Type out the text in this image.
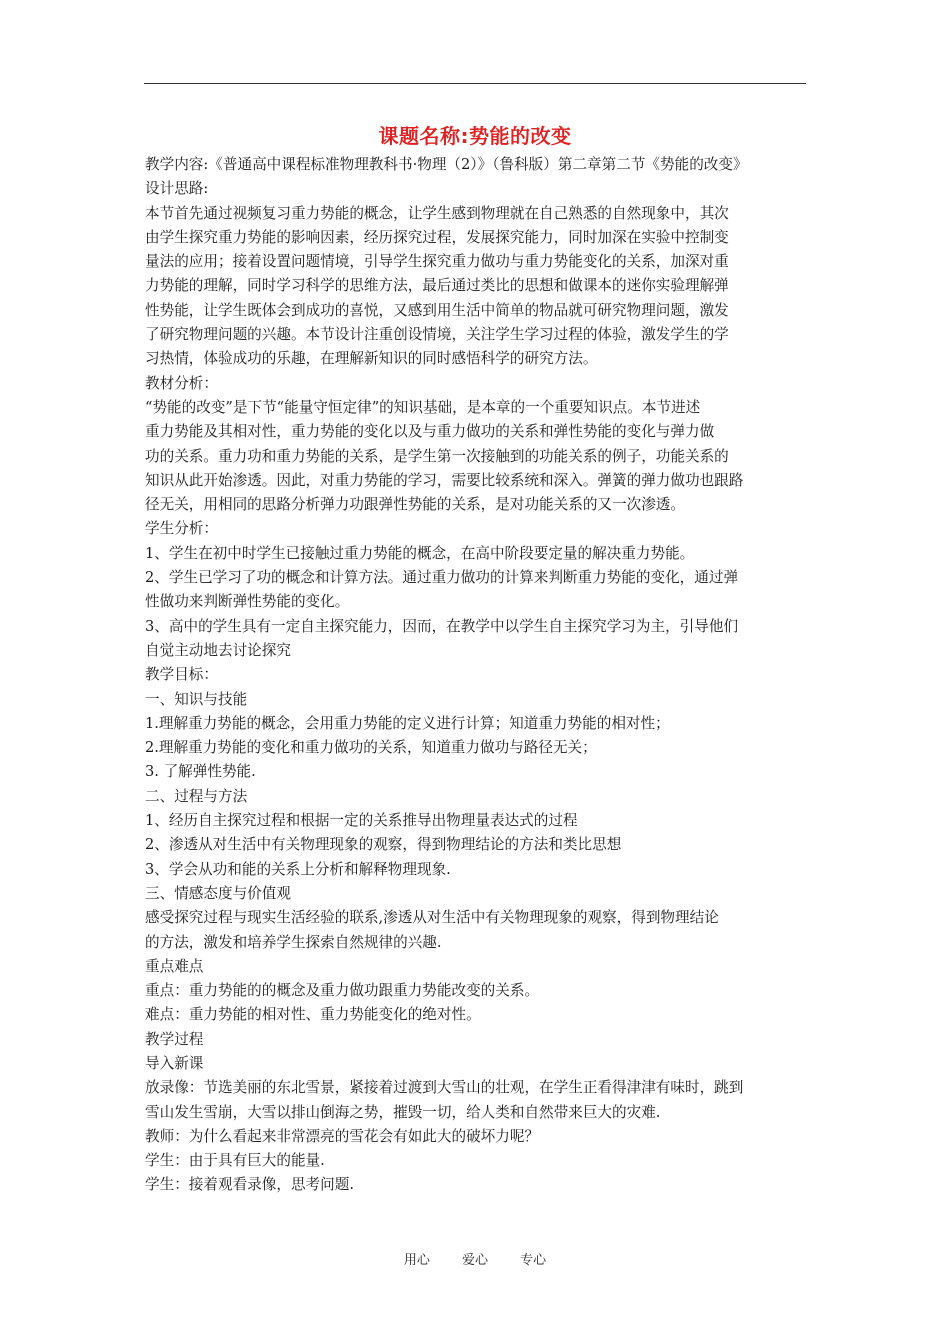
课题名称:势能的改变
教学内容:《普通高中课程标准物理教科书·物理（2）》（鲁科版）第二章第二节《势能的改变》
设计思路:
本节首先通过视频复习重力势能的概念，让学生感到物理就在自己熟悉的自然现象中，其次
由学生探究重力势能的影响因素，经历探究过程，发展探究能力，同时加深在实验中控制变
量法的应用；接着设置问题情境，引导学生探究重力做功与重力势能变化的关系，加深对重
力势能的理解，同时学习科学的思维方法，最后通过类比的思想和做课本的迷你实验理解弹
性势能，让学生既体会到成功的喜悦，又感到用生活中简单的物品就可研究物理问题，激发
了研究物理问题的兴趣。本节设计注重创设情境，关注学生学习过程的体验，激发学生的学
习热情，体验成功的乐趣，在理解新知识的同时感悟科学的研究方法。
教材分析：
“势能的改变”是下节“能量守恒定律”的知识基础，是本章的一个重要知识点。本节进述
重力势能及其相对性，重力势能的变化以及与重力做功的关系和弹性势能的变化与弹力做
功的关系。重力功和重力势能的关系，是学生第一次接触到的功能关系的例子，功能关系的
知识从此开始渗透。因此，对重力势能的学习，需要比较系统和深入。弹簧的弹力做功也跟路
径无关，用相同的思路分析弹力功跟弹性势能的关系，是对功能关系的又一次渗透。
学生分析：
1、学生在初中时学生已接触过重力势能的概念，在高中阶段要定量的解决重力势能。
2、学生已学习了功的概念和计算方法。通过重力做功的计算来判断重力势能的变化，通过弹
性做功来判断弹性势能的变化。
3、高中的学生具有一定自主探究能力，因而，在教学中以学生自主探究学习为主，引导他们
自觉主动地去讨论探究
教学目标：
一、知识与技能
1.理解重力势能的概念，会用重力势能的定义进行计算；知道重力势能的相对性；
2.理解重力势能的变化和重力做功的关系，知道重力做功与路径无关；
3. 了解弹性势能.
二、过程与方法
1、经历自主探究过程和根据一定的关系推导出物理量表达式的过程
2、渗透从对生活中有关物理现象的观察，得到物理结论的方法和类比思想
3、学会从功和能的关系上分析和解释物理现象.
三、情感态度与价值观
感受探究过程与现实生活经验的联系,渗透从对生活中有关物理现象的观察，得到物理结论
的方法，激发和培养学生探索自然规律的兴趣.
重点难点
重点：重力势能的的概念及重力做功跟重力势能改变的关系。
难点：重力势能的相对性、重力势能变化的绝对性。
教学过程
导入新课
放录像：节选美丽的东北雪景，紧接着过渡到大雪山的壮观，在学生正看得津津有味时，跳到
雪山发生雪崩，大雪以排山倒海之势，摧毁一切，给人类和自然带来巨大的灾难.
教师：为什么看起来非常漂亮的雪花会有如此大的破坏力呢？
学生：由于具有巨大的能量.
学生：接着观看录像，思考问题.
用心 爱心 专心
